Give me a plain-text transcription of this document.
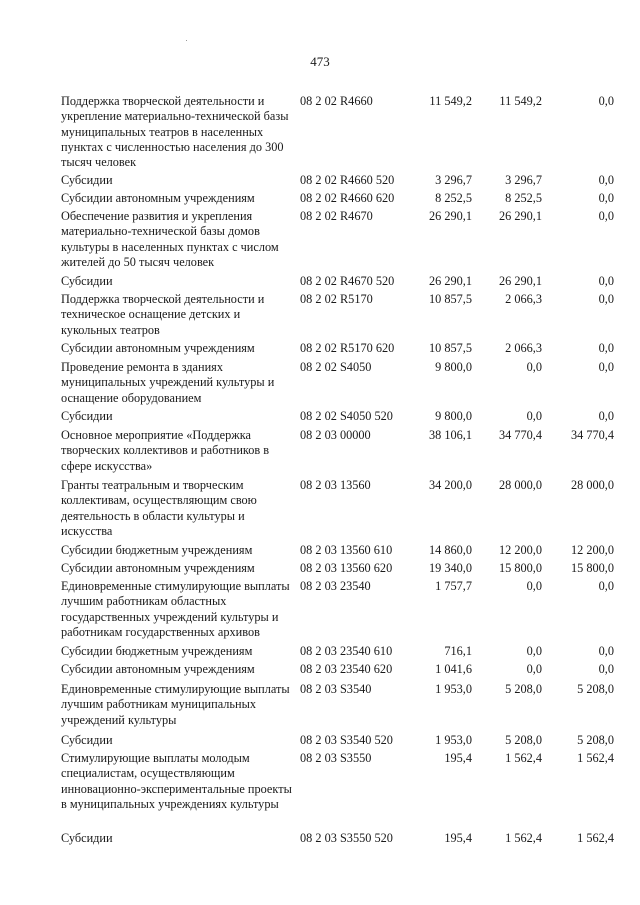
473
Поддержка творческой деятельности и укрепление материально-технической базы муниципальных театров в населенных пунктах с численностью населения до 300 тысяч человек
08 2 02 R4660	11 549,2	11 549,2	0,0
Субсидии	08 2 02 R4660 520	3 296,7	3 296,7	0,0
Субсидии автономным учреждениям	08 2 02 R4660 620	8 252,5	8 252,5	0,0
Обеспечение развития и укрепления материально-технической базы домов культуры в населенных пунктах с числом жителей до 50 тысяч человек
08 2 02 R4670	26 290,1	26 290,1	0,0
Субсидии	08 2 02 R4670 520	26 290,1	26 290,1	0,0
Поддержка творческой деятельности и техническое оснащение детских и кукольных театров
08 2 02 R5170	10 857,5	2 066,3	0,0
Субсидии автономным учреждениям	08 2 02 R5170 620	10 857,5	2 066,3	0,0
Проведение ремонта в зданиях муниципальных учреждений культуры и оснащение оборудованием
08 2 02 S4050	9 800,0	0,0	0,0
Субсидии	08 2 02 S4050 520	9 800,0	0,0	0,0
Основное мероприятие «Поддержка творческих коллективов и работников в сфере искусства»
08 2 03 00000	38 106,1	34 770,4	34 770,4
Гранты театральным и творческим коллективам, осуществляющим свою деятельность в области культуры и искусства
08 2 03 13560	34 200,0	28 000,0	28 000,0
Субсидии бюджетным учреждениям	08 2 03 13560 610	14 860,0	12 200,0	12 200,0
Субсидии автономным учреждениям	08 2 03 13560 620	19 340,0	15 800,0	15 800,0
Единовременные стимулирующие выплаты лучшим работникам областных государственных учреждений культуры и работникам государственных архивов
08 2 03 23540	1 757,7	0,0	0,0
Субсидии бюджетным учреждениям	08 2 03 23540 610	716,1	0,0	0,0
Субсидии автономным учреждениям	08 2 03 23540 620	1 041,6	0,0	0,0
Единовременные стимулирующие выплаты лучшим работникам муниципальных учреждений культуры
08 2 03 S3540	1 953,0	5 208,0	5 208,0
Субсидии	08 2 03 S3540 520	1 953,0	5 208,0	5 208,0
Стимулирующие выплаты молодым специалистам, осуществляющим инновационно-экспериментальные проекты в муниципальных учреждениях культуры
08 2 03 S3550	195,4	1 562,4	1 562,4
Субсидии	08 2 03 S3550 520	195,4	1 562,4	1 562,4
